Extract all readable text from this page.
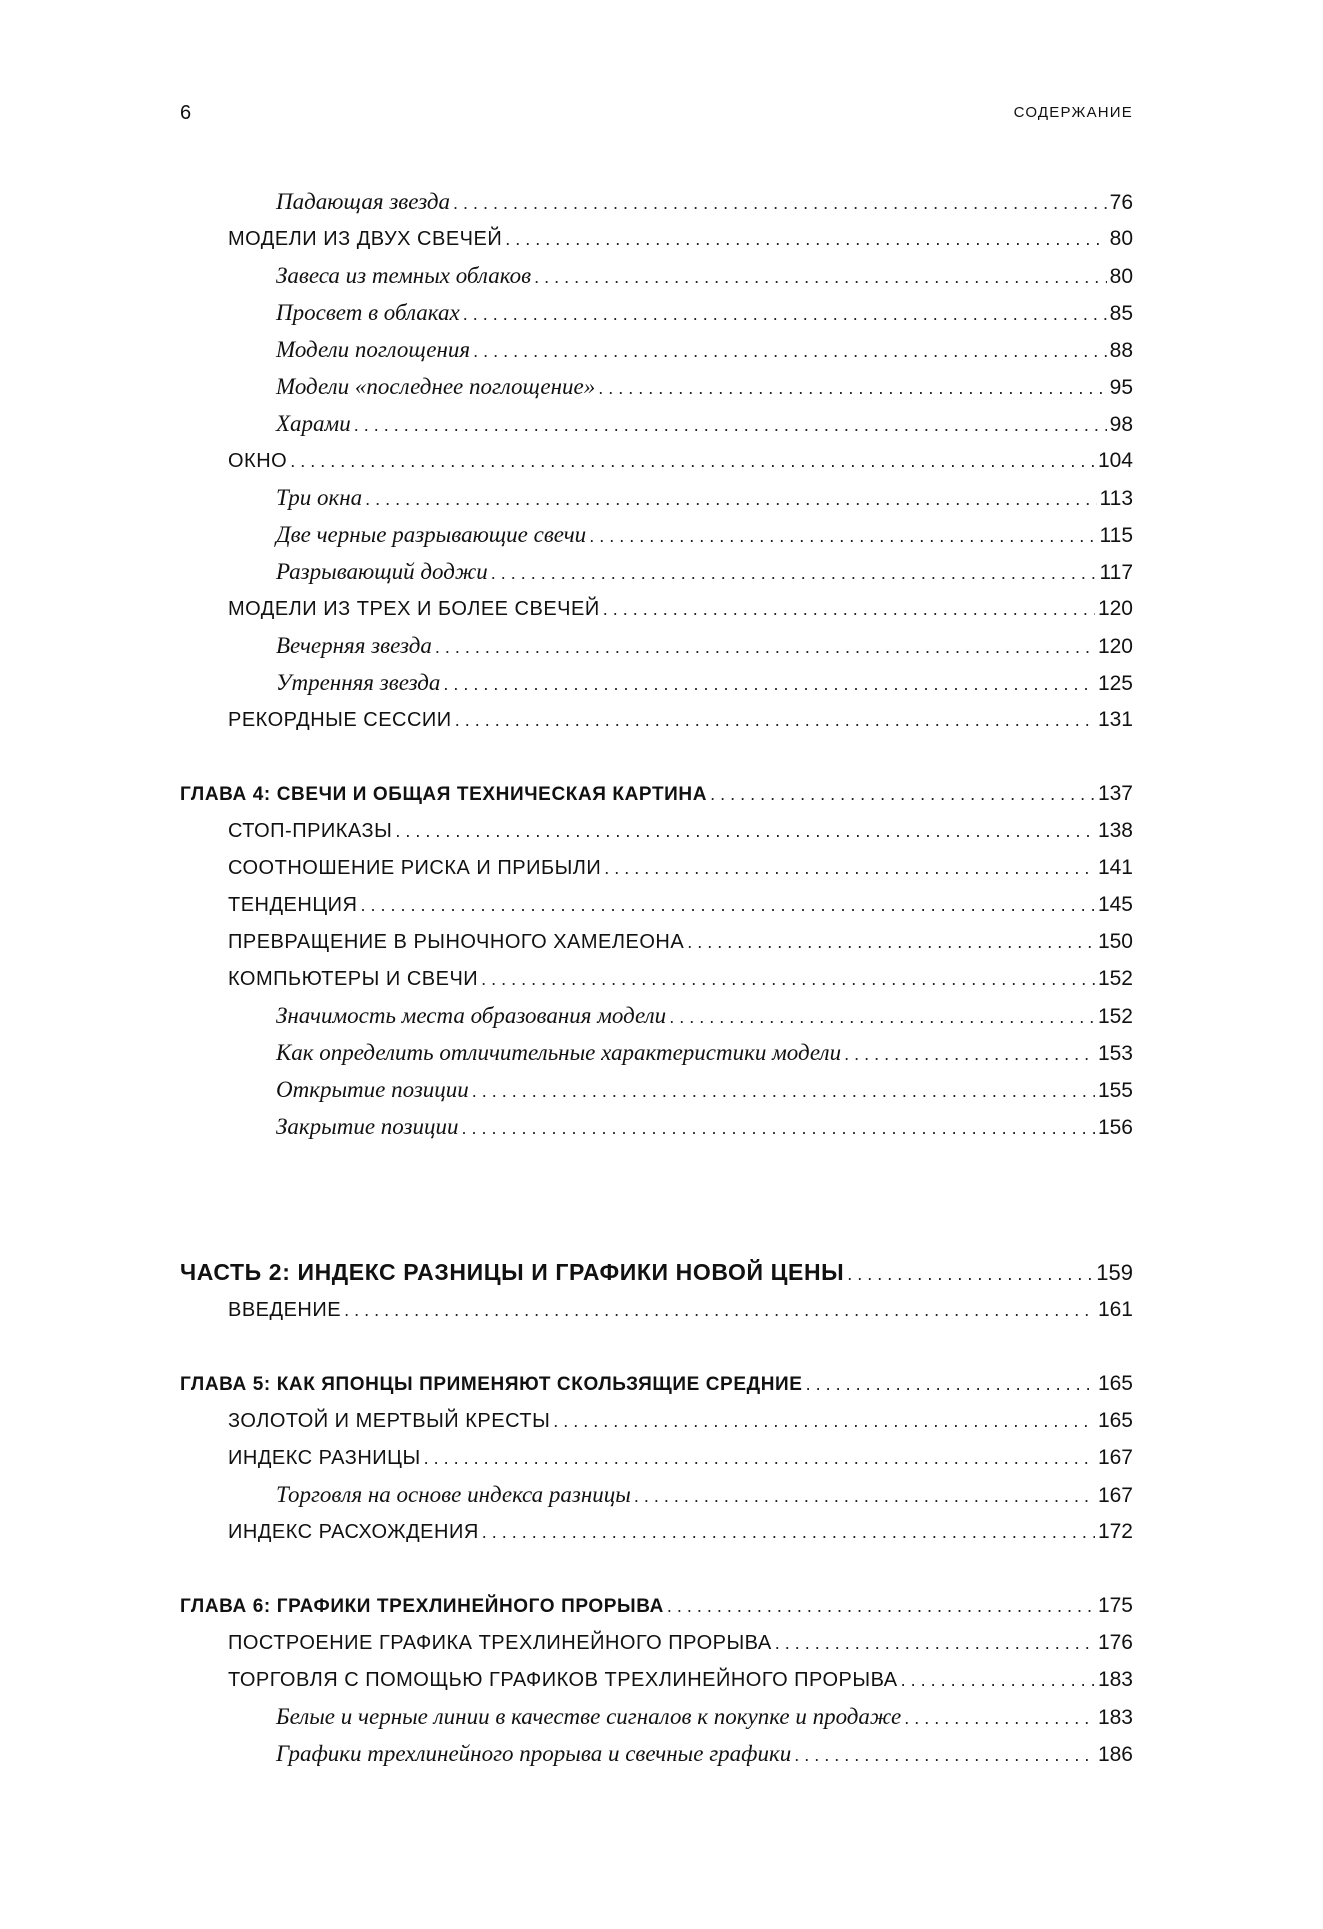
6	СОДЕРЖАНИЕ
Падающая звезда . . .	76
МОДЕЛИ ИЗ ДВУХ СВЕЧЕЙ . . .	80
Завеса из темных облаков . . .	80
Просвет в облаках . . .	85
Модели поглощения . . .	88
Модели «последнее поглощение» . . .	95
Харами . . .	98
ОКНО . . .	104
Три окна . . .	113
Две черные разрывающие свечи . . .	115
Разрывающий доджи . . .	117
МОДЕЛИ ИЗ ТРЕХ И БОЛЕЕ СВЕЧЕЙ . . .	120
Вечерняя звезда . . .	120
Утренняя звезда . . .	125
РЕКОРДНЫЕ СЕССИИ . . .	131
ГЛАВА 4: СВЕЧИ И ОБЩАЯ ТЕХНИЧЕСКАЯ КАРТИНА . . .	137
СТОП-ПРИКАЗЫ . . .	138
СООТНОШЕНИЕ РИСКА И ПРИБЫЛИ . . .	141
ТЕНДЕНЦИЯ . . .	145
ПРЕВРАЩЕНИЕ В РЫНОЧНОГО ХАМЕЛЕОНА . . .	150
КОМПЬЮТЕРЫ И СВЕЧИ . . .	152
Значимость места образования модели . . .	152
Как определить отличительные характеристики модели . . .	153
Открытие позиции . . .	155
Закрытие позиции . . .	156
ЧАСТЬ 2: ИНДЕКС РАЗНИЦЫ И ГРАФИКИ НОВОЙ ЦЕНЫ . . .	159
ВВЕДЕНИЕ . . .	161
ГЛАВА 5: КАК ЯПОНЦЫ ПРИМЕНЯЮТ СКОЛЬЗЯЩИЕ СРЕДНИЕ . . .	165
ЗОЛОТОЙ И МЕРТВЫЙ КРЕСТЫ . . .	165
ИНДЕКС РАЗНИЦЫ . . .	167
Торговля на основе индекса разницы . . .	167
ИНДЕКС РАСХОЖДЕНИЯ . . .	172
ГЛАВА 6: ГРАФИКИ ТРЕХЛИНЕЙНОГО ПРОРЫВА . . .	175
ПОСТРОЕНИЕ ГРАФИКА ТРЕХЛИНЕЙНОГО ПРОРЫВА . . .	176
ТОРГОВЛЯ С ПОМОЩЬЮ ГРАФИКОВ ТРЕХЛИНЕЙНОГО ПРОРЫВА . . .	183
Белые и черные линии в качестве сигналов к покупке и продаже . . .	183
Графики трехлинейного прорыва и свечные графики . . .	186
